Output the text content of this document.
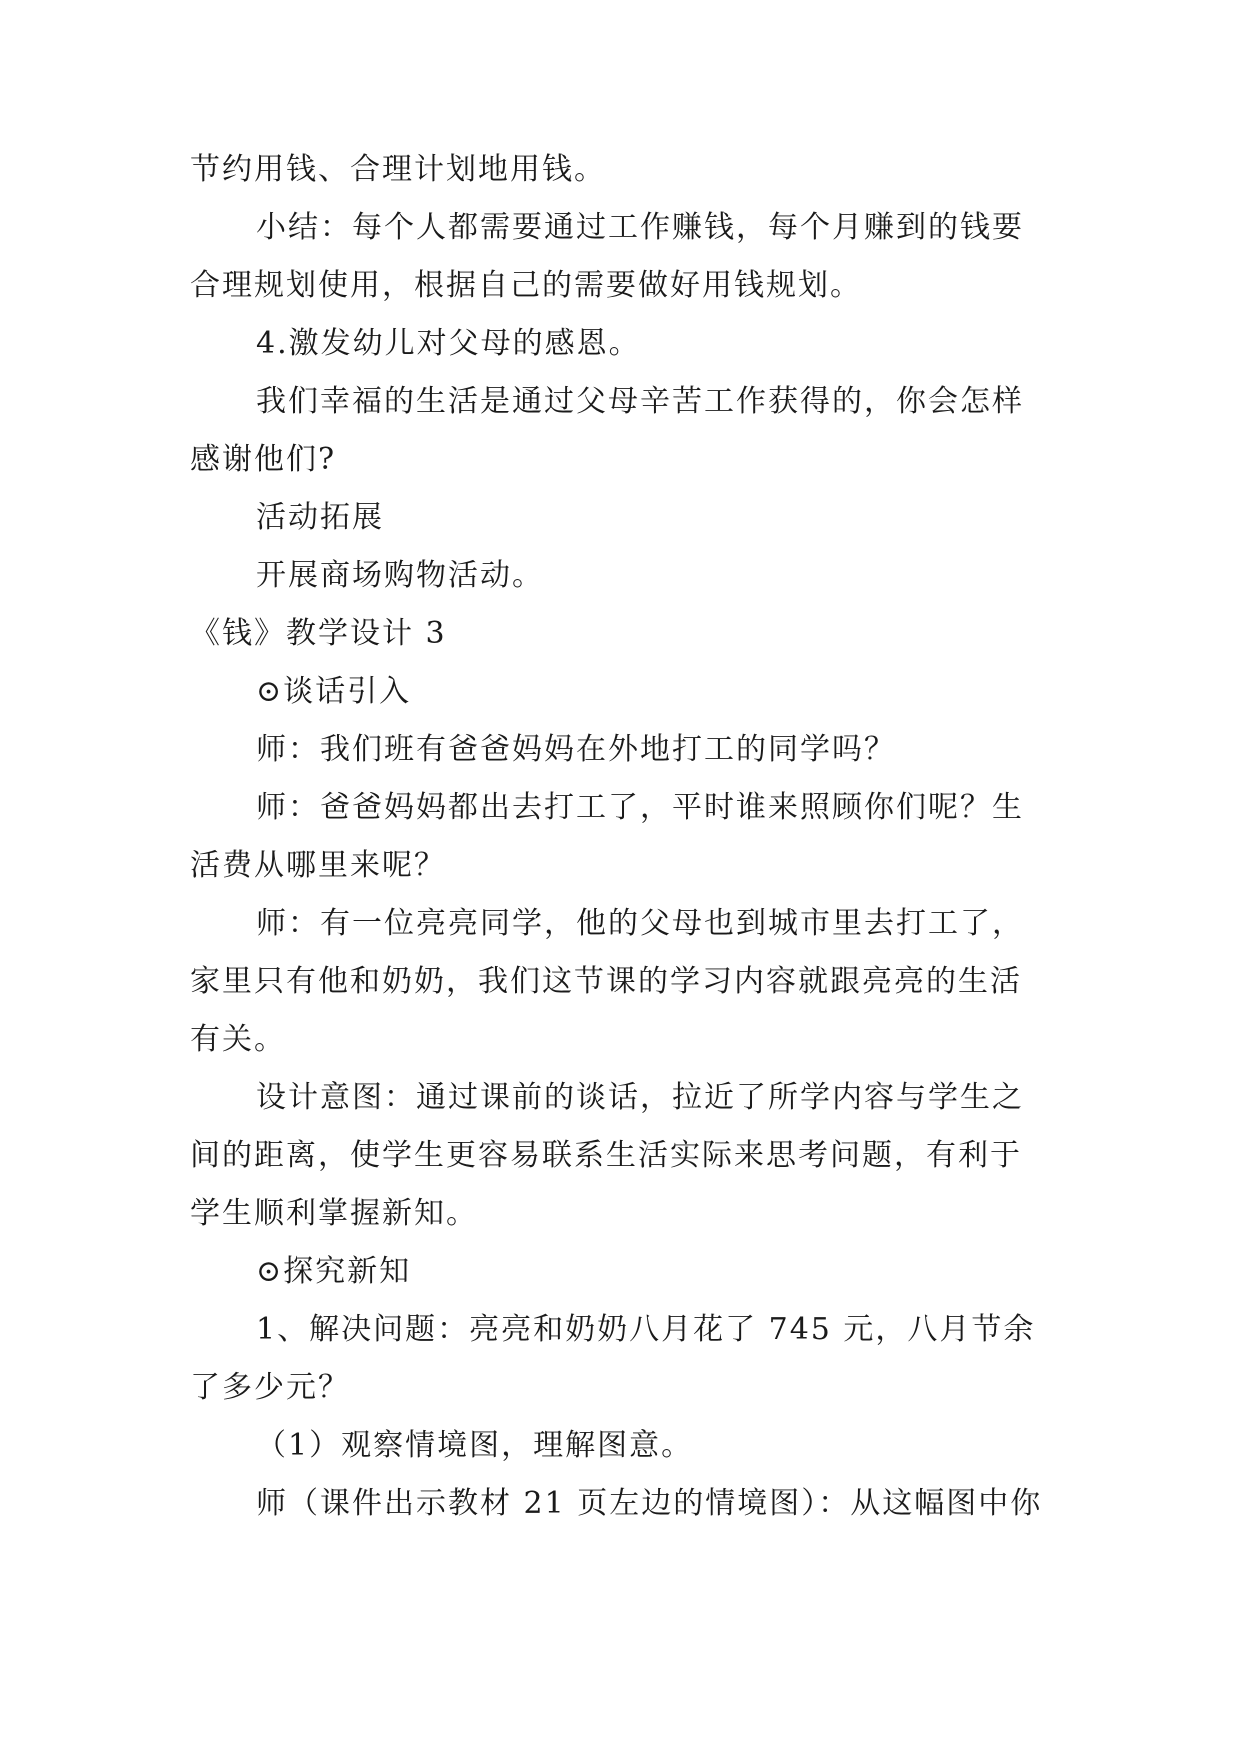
节约用钱、合理计划地用钱。
小结：每个人都需要通过工作赚钱，每个月赚到的钱要
合理规划使用，根据自己的需要做好用钱规划。
4.激发幼儿对父母的感恩。
我们幸福的生活是通过父母辛苦工作获得的，你会怎样
感谢他们?
活动拓展
开展商场购物活动。
《钱》教学设计 3
⊙谈话引入
师：我们班有爸爸妈妈在外地打工的同学吗？
师：爸爸妈妈都出去打工了，平时谁来照顾你们呢？生
活费从哪里来呢？
师：有一位亮亮同学，他的父母也到城市里去打工了，
家里只有他和奶奶，我们这节课的学习内容就跟亮亮的生活
有关。
设计意图：通过课前的谈话，拉近了所学内容与学生之
间的距离，使学生更容易联系生活实际来思考问题，有利于
学生顺利掌握新知。
⊙探究新知
1、解决问题：亮亮和奶奶八月花了 745 元，八月节余
了多少元？
（1）观察情境图，理解图意。
师（课件出示教材 21 页左边的情境图）：从这幅图中你
